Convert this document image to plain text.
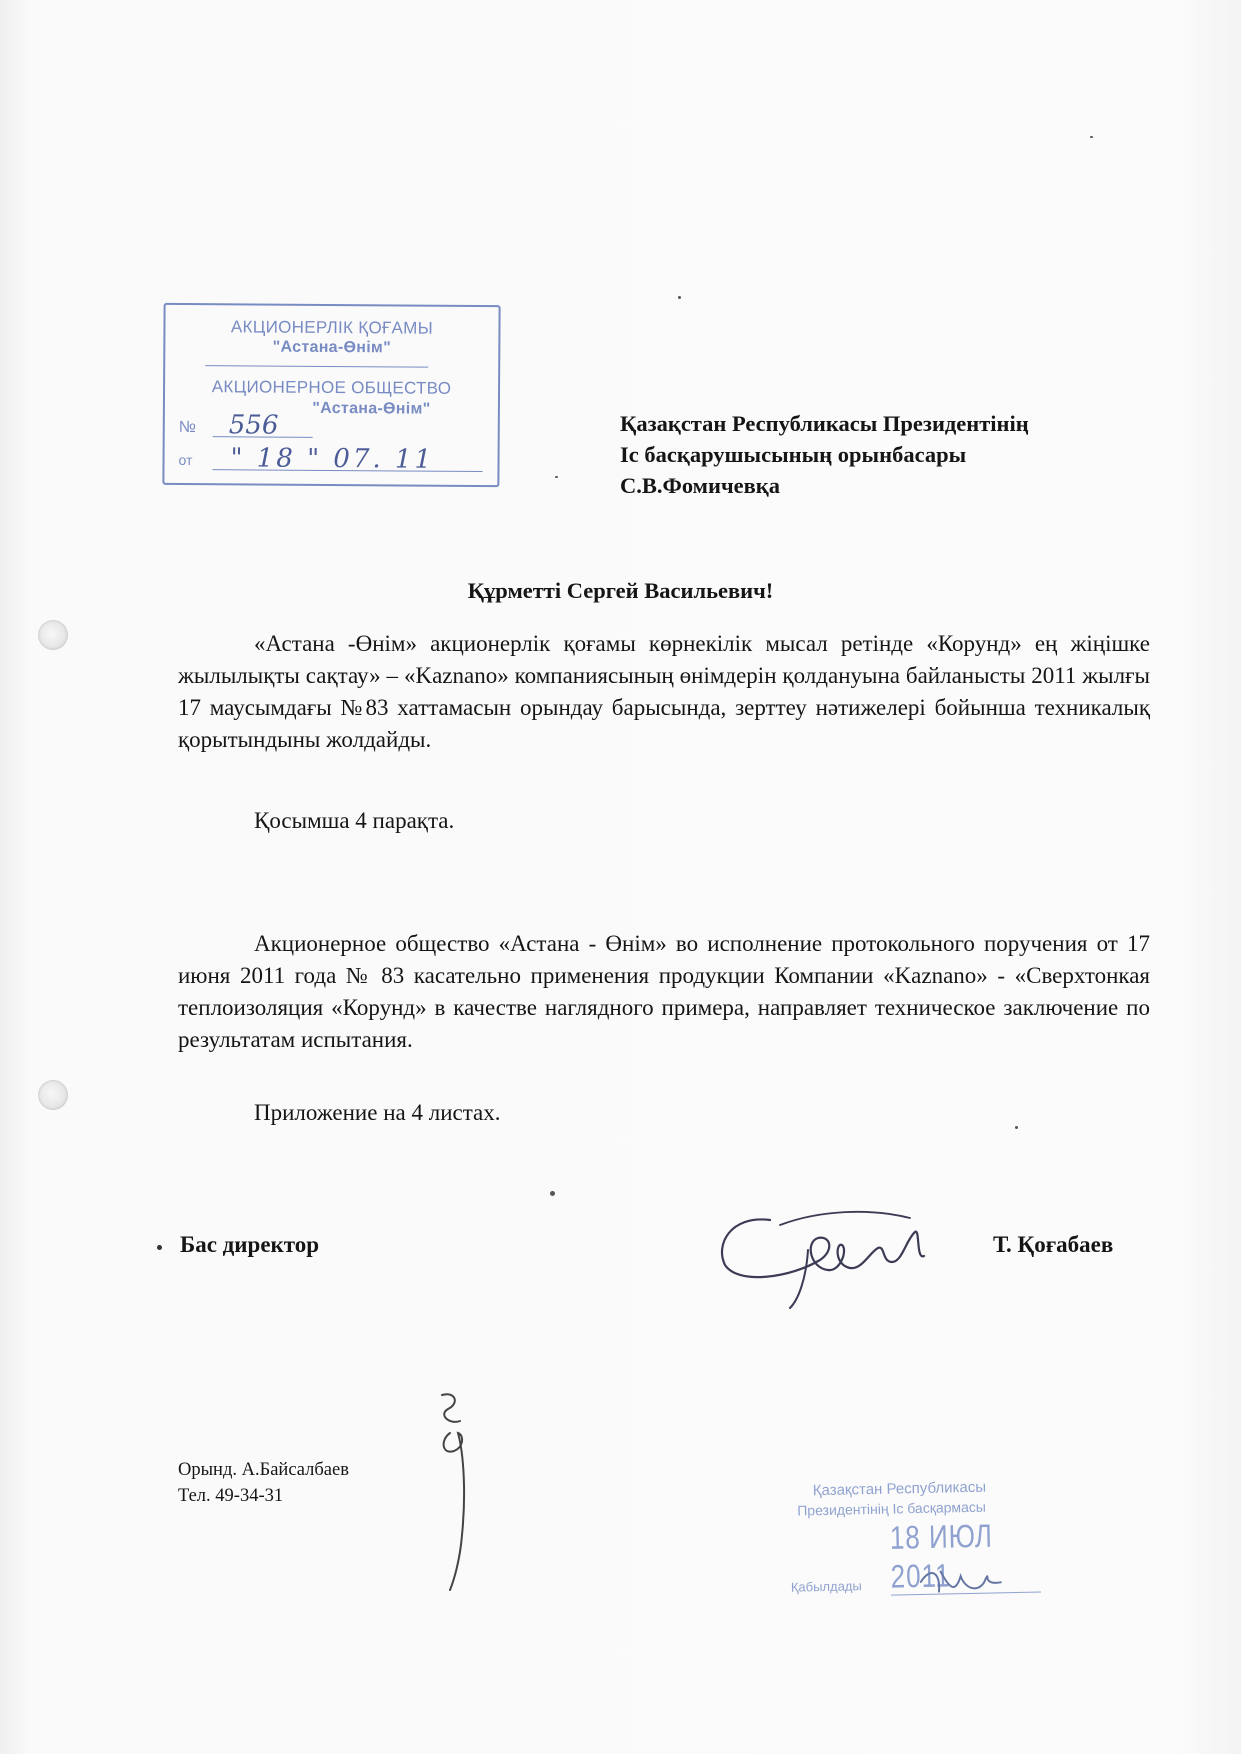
АКЦИОНЕРЛІК ҚОҒАМЫ
"Астана-Өнім"
АКЦИОНЕРНОЕ ОБЩЕСТВО
"Астана-Өнім"
№ 556
от " 18 " 07. 11
Қазақстан Республикасы Президентінің
Іс басқарушысының орынбасары
С.В.Фомичевқа
Құрметті Сергей Васильевич!
«Астана -Өнім» акционерлік қоғамы көрнекілік мысал ретінде «Корунд» ең жіңішке жылылықты сақтау» – «Kaznano» компаниясының өнімдерін қолдануына байланысты 2011 жылғы 17 маусымдағы №83 хаттамасын орындау барысында, зерттеу нәтижелері бойынша техникалық қорытындыны жолдайды.
Қосымша 4 парақта.
Акционерное общество «Астана - Өнім» во исполнение протокольного поручения от 17 июня 2011 года № 83 касательно применения продукции Компании «Kaznano» - «Сверхтонкая теплоизоляция «Корунд» в качестве наглядного примера, направляет техническое заключение по результатам испытания.
Приложение на 4 листах.
Бас директор	Т. Қоғабаев
Орынд. А.Байсалбаев
Тел. 49-34-31	Қазақстан Республикасы
Президентінің Іс басқармасы
18 ИЮЛ 2011
Қабылдады
